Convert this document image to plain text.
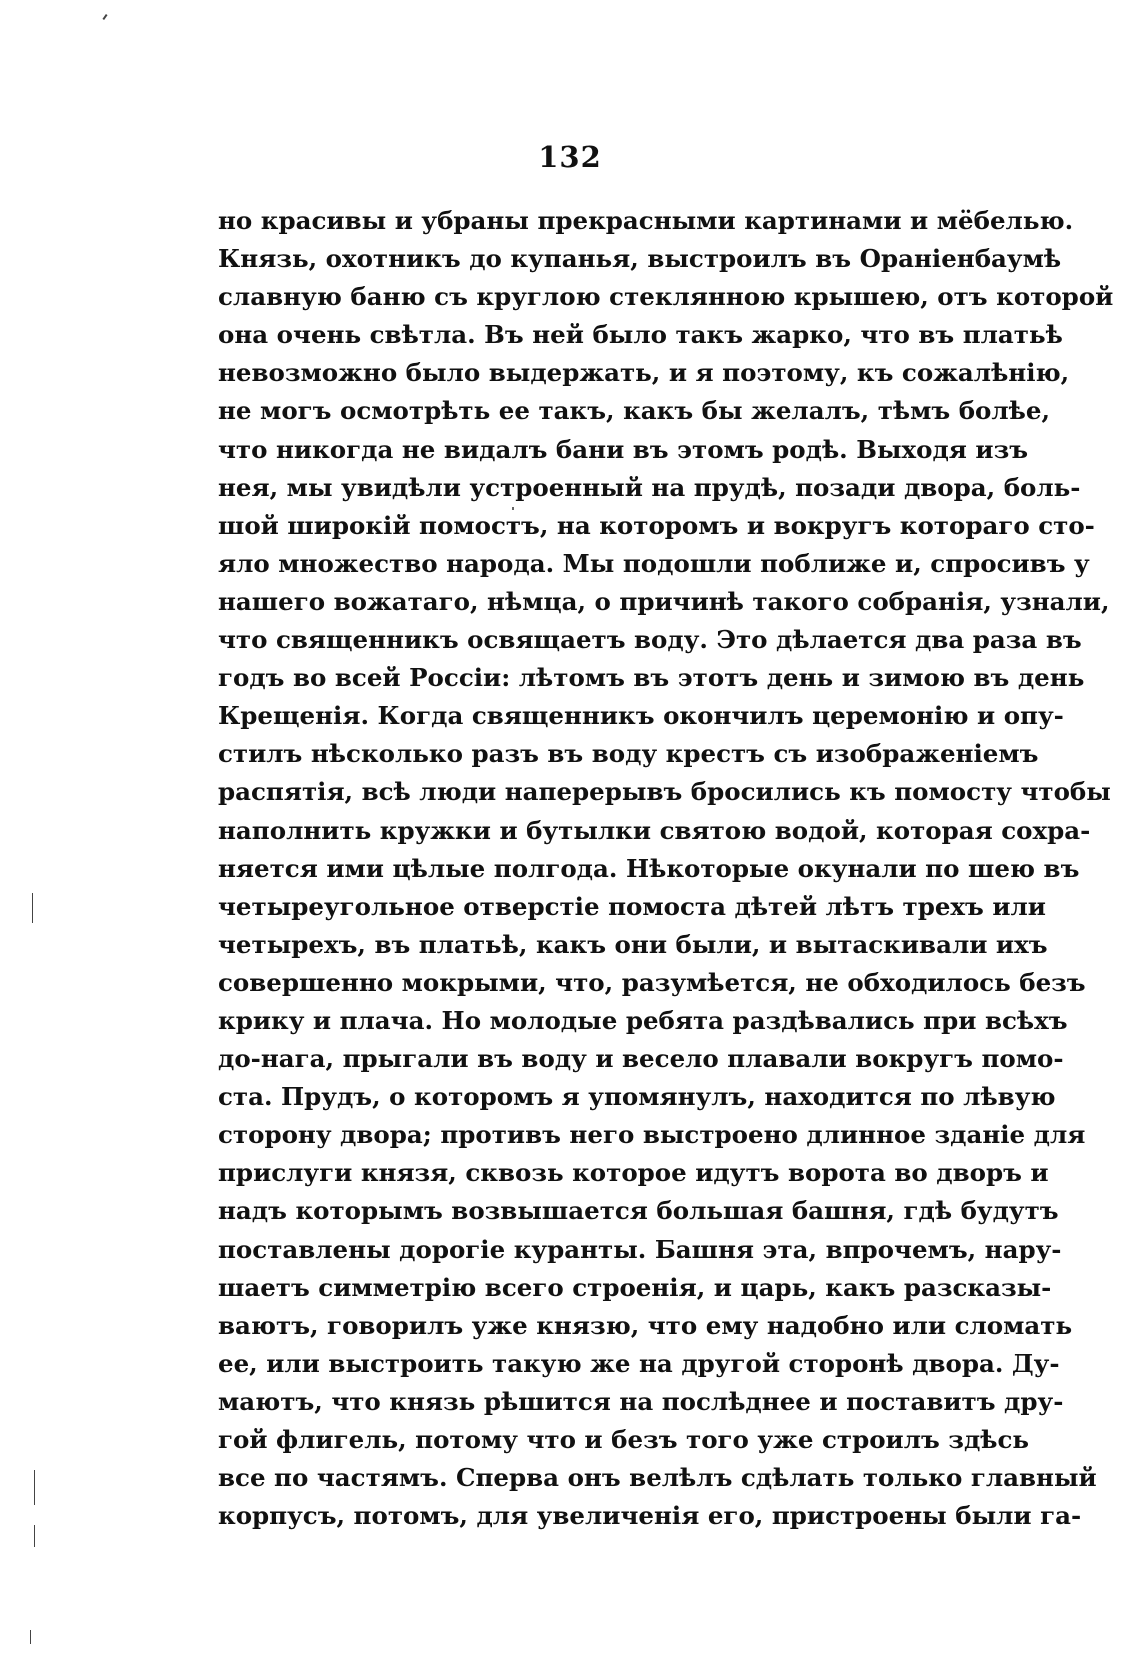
132
но красивы и убраны прекрасными картинами и мёбелью.
Князь, охотникъ до купанья, выстроилъ въ Ораніенбаумѣ
славную баню съ круглою стеклянною крышею, отъ которой
она очень свѣтла. Въ ней было такъ жарко, что въ платьѣ
невозможно было выдержать, и я поэтому, къ сожалѣнію,
не могъ осмотрѣть ее такъ, какъ бы желалъ, тѣмъ болѣе,
что никогда не видалъ бани въ этомъ родѣ. Выходя изъ
нея, мы увидѣли устроенный на прудѣ, позади двора, боль-
шой широкій помостъ, на которомъ и вокругъ котораго сто-
яло множество народа. Мы подошли поближе и, спросивъ у
нашего вожатаго, нѣмца, о причинѣ такого собранія, узнали,
что священникъ освящаетъ воду. Это дѣлается два раза въ
годъ во всей Россіи: лѣтомъ въ этотъ день и зимою въ день
Крещенія. Когда священникъ окончилъ церемонію и опу-
стилъ нѣсколько разъ въ воду крестъ съ изображеніемъ
распятія, всѣ люди наперерывъ бросились къ помосту чтобы
наполнить кружки и бутылки святою водой, которая сохра-
няется ими цѣлые полгода. Нѣкоторые окунали по шею въ
четыреугольное отверстіе помоста дѣтей лѣтъ трехъ или
четырехъ, въ платьѣ, какъ они были, и вытаскивали ихъ
совершенно мокрыми, что, разумѣется, не обходилось безъ
крику и плача. Но молодые ребята раздѣвались при всѣхъ
до-нага, прыгали въ воду и весело плавали вокругъ помо-
ста. Прудъ, о которомъ я упомянулъ, находится по лѣвую
сторону двора; противъ него выстроено длинное зданіе для
прислуги князя, сквозь которое идутъ ворота во дворъ и
надъ которымъ возвышается большая башня, гдѣ будутъ
поставлены дорогіе куранты. Башня эта, впрочемъ, нару-
шаетъ симметрію всего строенія, и царь, какъ разсказы-
ваютъ, говорилъ уже князю, что ему надобно или сломать
ее, или выстроить такую же на другой сторонѣ двора. Ду-
маютъ, что князь рѣшится на послѣднее и поставитъ дру-
гой флигель, потому что и безъ того уже строилъ здѣсь
все по частямъ. Сперва онъ велѣлъ сдѣлать только главный
корпусъ, потомъ, для увеличенія его, пристроены были га-
